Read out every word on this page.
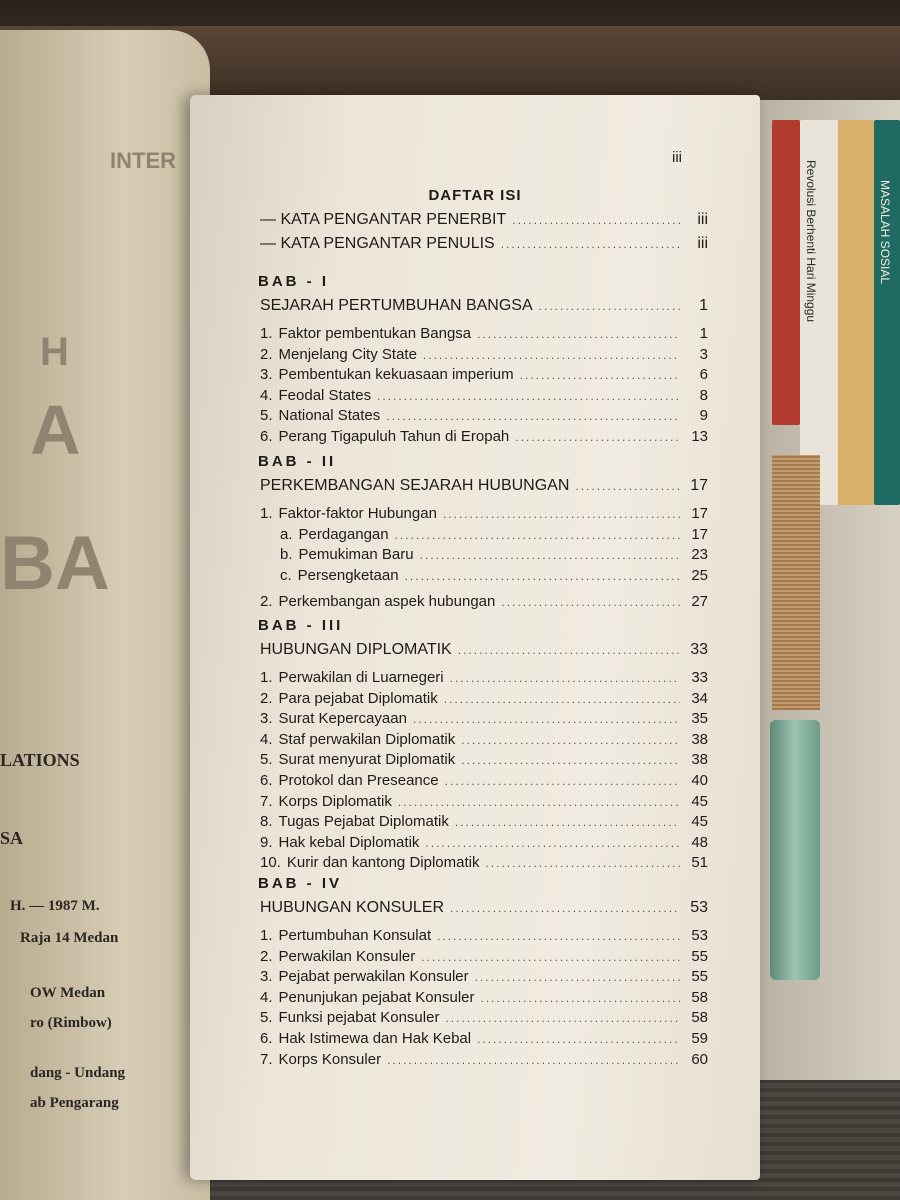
Revolusi Berhenti Hari Minggu	MASALAH SOSIAL
INTER
H
A
BA
LATIONS
SA
H. — 1987 M.
Raja 14 Medan
OW Medan
ro (Rimbow)
dang - Undang
ab Pengarang
iii
DAFTAR ISI
— KATA PENGANTAR PENERBIT .....	iii
— KATA PENGANTAR PENULIS .....	iii
BAB - I
SEJARAH PERTUMBUHAN BANGSA .....	1
1. Faktor pembentukan Bangsa .....	1
2. Menjelang City State .....	3
3. Pembentukan kekuasaan imperium .....	6
4. Feodal States .....	8
5. National States .....	9
6. Perang Tigapuluh Tahun di Eropah .....	13
BAB - II
PERKEMBANGAN SEJARAH HUBUNGAN .....	17
1. Faktor-faktor Hubungan .....	17
a. Perdagangan .....	17
b. Pemukiman Baru .....	23
c. Persengketaan .....	25
2. Perkembangan aspek hubungan .....	27
BAB - III
HUBUNGAN DIPLOMATIK .....	33
1. Perwakilan di Luarnegeri .....	33
2. Para pejabat Diplomatik .....	34
3. Surat Kepercayaan .....	35
4. Staf perwakilan Diplomatik .....	38
5. Surat menyurat Diplomatik .....	38
6. Protokol dan Preseance .....	40
7. Korps Diplomatik .....	45
8. Tugas Pejabat Diplomatik .....	45
9. Hak kebal Diplomatik .....	48
10. Kurir dan kantong Diplomatik .....	51
BAB - IV
HUBUNGAN KONSULER .....	53
1. Pertumbuhan Konsulat .....	53
2. Perwakilan Konsuler .....	55
3. Pejabat perwakilan Konsuler .....	55
4. Penunjukan pejabat Konsuler .....	58
5. Funksi pejabat Konsuler .....	58
6. Hak Istimewa dan Hak Kebal .....	59
7. Korps Konsuler .....	60
